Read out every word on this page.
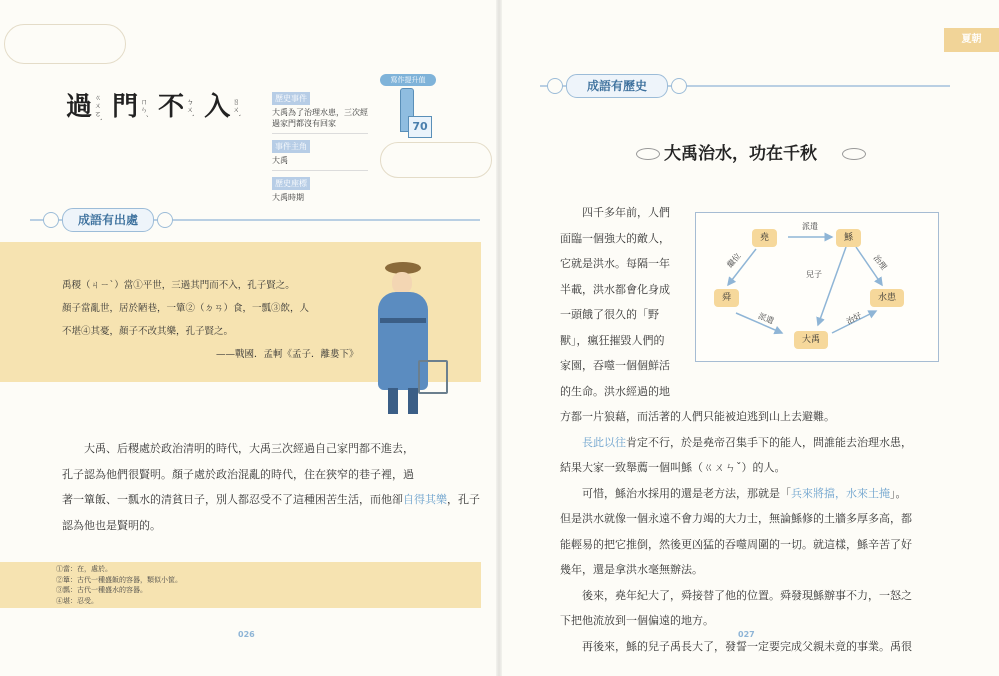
過ㄍㄨㄛˋ 門ㄇㄣˊ 不ㄅㄨˋ 入ㄖㄨˋ	歷史事件
大禹為了治理水患，三次經過家門都沒有回家
事件主角
大禹
歷史座標
大禹時期
寫作提升值
70
成語有出處
禹稷（ㄐㄧˋ）當①平世，三過其門而不入，孔子賢之。
顏子當亂世，居於陋巷，一簞②（ㄉㄢ）食，一瓢③飲，人
不堪④其憂，顏子不改其樂，孔子賢之。
——戰國．孟軻《孟子．離婁下》
大禹、后稷處於政治清明的時代，大禹三次經過自己家門都不進去，
孔子認為他們很賢明。顏子處於政治混亂的時代，住在狹窄的巷子裡，過
著一簞飯、一瓢水的清貧日子，別人都忍受不了這種困苦生活，而他卻自得其樂，孔子認為他也是賢明的。
①當：在，處於。
②簞：古代一種盛飯的容器，類似小筐。
③瓢：古代一種盛水的容器。
④堪：忍受。
026
夏朝
成語有歷史
大禹治水，功在千秋
堯	鯀
舜	水患
大禹
派遣
繼位
兒子
治理
派遣	治好
四千多年前，人們
面臨一個強大的敵人，
它就是洪水。每隔一年
半載，洪水都會化身成
一頭餓了很久的「野
獸」，瘋狂摧毀人們的
家園，吞噬一個個鮮活
的生命。洪水經過的地
方都一片狼藉，而活著的人們只能被迫逃到山上去避難。
長此以往肯定不行，於是堯帝召集手下的能人，問誰能去治理水患，
結果大家一致舉薦一個叫鯀（ㄍㄨㄣˇ）的人。
可惜，鯀治水採用的還是老方法，那就是「兵來將擋，水來土掩」。
但是洪水就像一個永遠不會力竭的大力士，無論鯀修的土牆多厚多高，都
能輕易的把它推倒，然後更凶猛的吞噬周圍的一切。就這樣，鯀辛苦了好
幾年，還是拿洪水毫無辦法。
後來，堯年紀大了，舜接替了他的位置。舜發現鯀辦事不力，一怒之
下把他流放到一個偏遠的地方。
再後來，鯀的兒子禹長大了，發誓一定要完成父親未竟的事業。禹很
027
